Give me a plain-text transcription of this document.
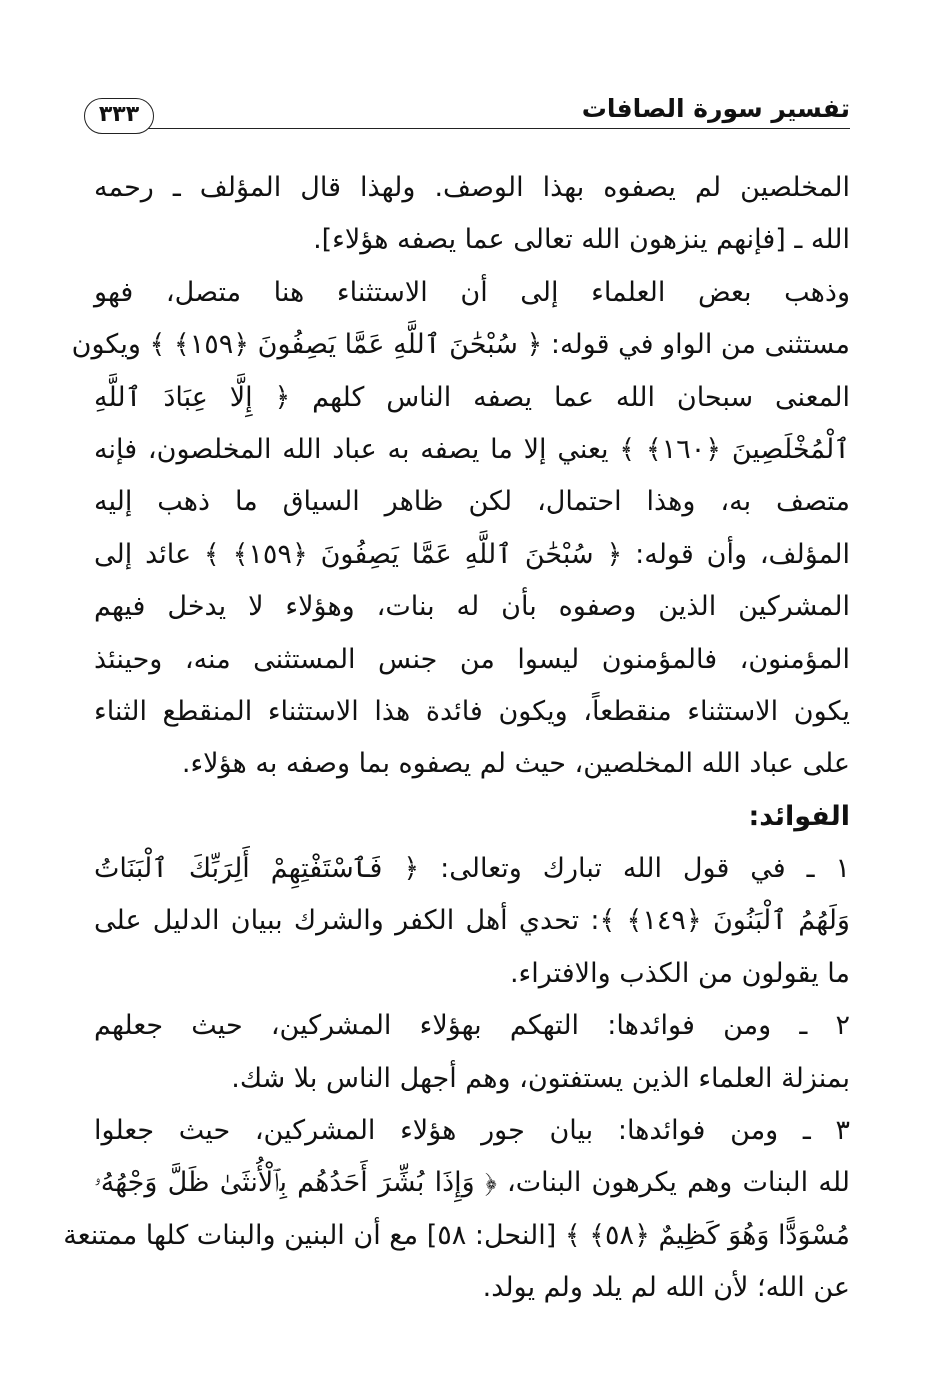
تفسير سورة الصافات
٣٣٣
المخلصين لم يصفوه بهذا الوصف. ولهذا قال المؤلف ـ رحمه
الله ـ [فإنهم ينزهون الله تعالى عما يصفه هؤلاء].
وذهب بعض العلماء إلى أن الاستثناء هنا متصل، فهو
مستثنى من الواو في قوله: ﴿ سُبْحَٰنَ ٱللَّهِ عَمَّا يَصِفُونَ ﴿١٥٩﴾ ﴾ ويكون
المعنى سبحان الله عما يصفه الناس كلهم ﴿ إِلَّا عِبَادَ ٱللَّهِ
ٱلْمُخْلَصِينَ ﴿١٦٠﴾ ﴾ يعني إلا ما يصفه به عباد الله المخلصون، فإنه
متصف به، وهذا احتمال، لكن ظاهر السياق ما ذهب إليه
المؤلف، وأن قوله: ﴿ سُبْحَٰنَ ٱللَّهِ عَمَّا يَصِفُونَ ﴿١٥٩﴾ ﴾ عائد إلى
المشركين الذين وصفوه بأن له بنات، وهؤلاء لا يدخل فيهم
المؤمنون، فالمؤمنون ليسوا من جنس المستثنى منه، وحينئذ
يكون الاستثناء منقطعاً، ويكون فائدة هذا الاستثناء المنقطع الثناء
على عباد الله المخلصين، حيث لم يصفوه بما وصفه به هؤلاء.
الفوائد:
١ ـ في قول الله تبارك وتعالى: ﴿ فَٱسْتَفْتِهِمْ أَلِرَبِّكَ ٱلْبَنَاتُ
وَلَهُمُ ٱلْبَنُونَ ﴿١٤٩﴾ ﴾: تحدي أهل الكفر والشرك ببيان الدليل على
ما يقولون من الكذب والافتراء.
٢ ـ ومن فوائدها: التهكم بهؤلاء المشركين، حيث جعلهم
بمنزلة العلماء الذين يستفتون، وهم أجهل الناس بلا شك.
٣ ـ ومن فوائدها: بيان جور هؤلاء المشركين، حيث جعلوا
لله البنات وهم يكرهون البنات، ﴿ وَإِذَا بُشِّرَ أَحَدُهُم بِٱلْأُنثَىٰ ظَلَّ وَجْهُهُۥ
مُسْوَدًّا وَهُوَ كَظِيمٌ ﴿٥٨﴾ ﴾ [النحل: ٥٨] مع أن البنين والبنات كلها ممتنعة
عن الله؛ لأن الله لم يلد ولم يولد.
